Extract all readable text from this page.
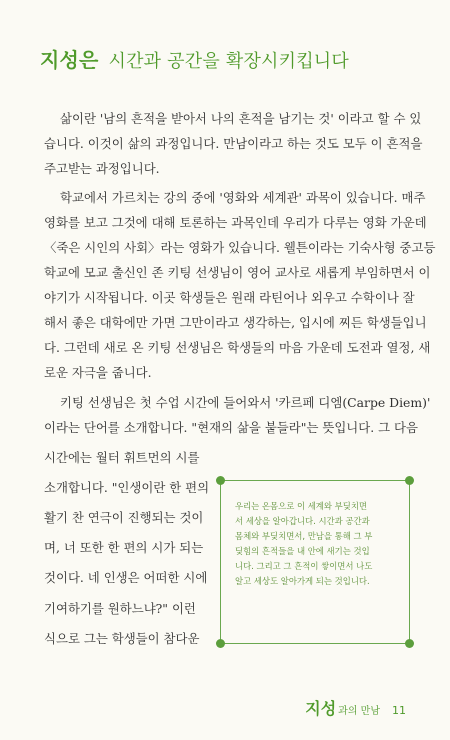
지성은 시간과 공간을 확장시키킵니다
삶이란 '남의 흔적을 받아서 나의 흔적을 남기는 것' 이라고 할 수 있
습니다. 이것이 삶의 과정입니다. 만남이라고 하는 것도 모두 이 흔적을
주고받는 과정입니다.
학교에서 가르치는 강의 중에 '영화와 세계관' 과목이 있습니다. 매주
영화를 보고 그것에 대해 토론하는 과목인데 우리가 다루는 영화 가운데
〈죽은 시인의 사회〉라는 영화가 있습니다. 웰튼이라는 기숙사형 중고등
학교에 모교 출신인 존 키팅 선생님이 영어 교사로 새롭게 부임하면서 이
야기가 시작됩니다. 이곳 학생들은 원래 라틴어나 외우고 수학이나 잘
해서 좋은 대학에만 가면 그만이라고 생각하는, 입시에 찌든 학생들입니
다. 그런데 새로 온 키팅 선생님은 학생들의 마음 가운데 도전과 열정, 새
로운 자극을 줍니다.
키팅 선생님은 첫 수업 시간에 들어와서 '카르페 디엠(Carpe Diem)'
이라는 단어를 소개합니다. "현재의 삶을 붙들라"는 뜻입니다. 그 다음
시간에는 월터 휘트먼의 시를
소개합니다. "인생이란 한 편의
활기 찬 연극이 진행되는 것이
며, 너 또한 한 편의 시가 되는
것이다. 네 인생은 어떠한 시에
기여하기를 원하느냐?" 이런
식으로 그는 학생들이 참다운
우리는 온몸으로 이 세계와 부딪치면
서 세상을 알아갑니다. 시간과 공간과
몸체와 부딪치면서, 만남을 통해 그 부
딪힘의 흔적들을 내 안에 새기는 것입
니다. 그리고 그 흔적이 쌓이면서 나도
알고 세상도 알아가게 되는 것입니다.
지성 과의 만남 11
